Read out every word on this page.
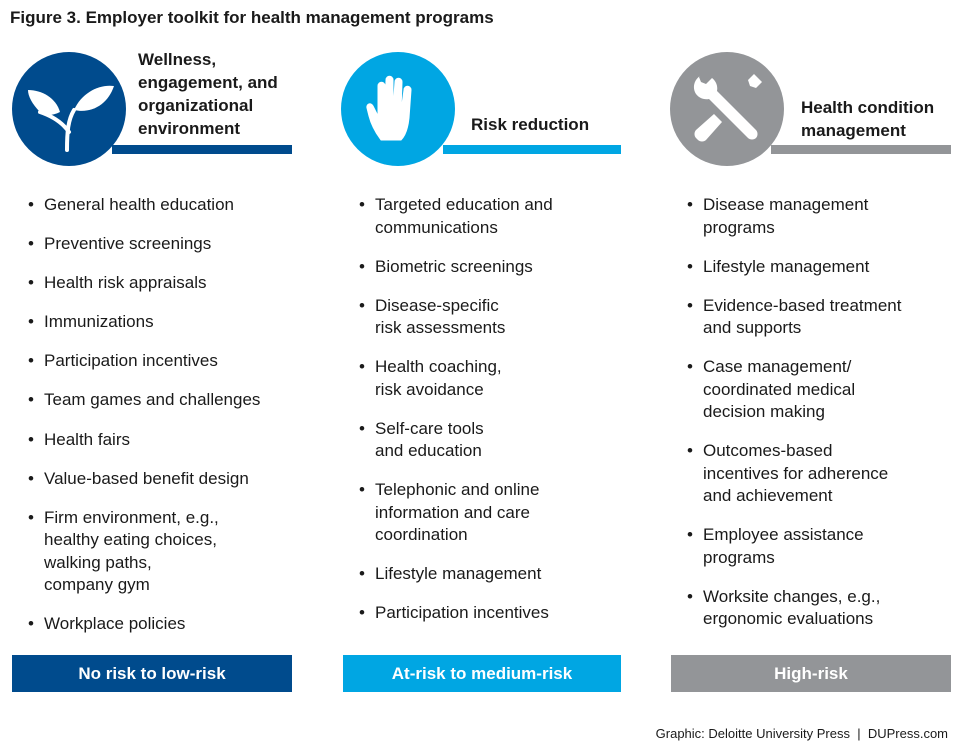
Figure 3. Employer toolkit for health management programs
Wellness,
engagement, and
organizational
environment
• General health education
• Preventive screenings
• Health risk appraisals
• Immunizations
• Participation incentives
• Team games and challenges
• Health fairs
• Value-based benefit design
• Firm environment, e.g.,
healthy eating choices,
walking paths,
company gym
• Workplace policies
No risk to low-risk
Risk reduction
• Targeted education and
communications
• Biometric screenings
• Disease-specific
risk assessments
• Health coaching,
risk avoidance
• Self-care tools
and education
• Telephonic and online
information and care
coordination
• Lifestyle management
• Participation incentives
At-risk to medium-risk
Health condition
management
• Disease management
programs
• Lifestyle management
• Evidence-based treatment
and supports
• Case management/
coordinated medical
decision making
• Outcomes-based
incentives for adherence
and achievement
• Employee assistance
programs
• Worksite changes, e.g.,
ergonomic evaluations
High-risk
Graphic: Deloitte University Press  |  DUPress.com
